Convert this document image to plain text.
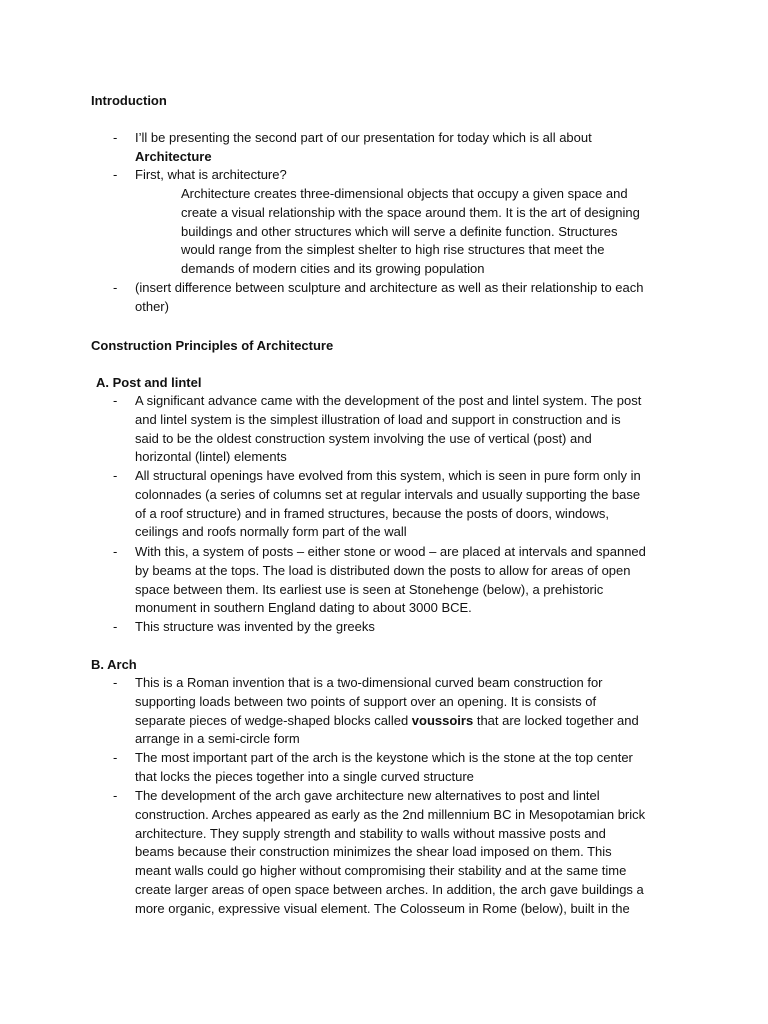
Introduction
-	I’ll be presenting the second part of our presentation for today which is all about
Architecture
-	First, what is architecture?
Architecture creates three-dimensional objects that occupy a given space and
create a visual relationship with the space around them. It is the art of designing
buildings and other structures which will serve a definite function. Structures
would range from the simplest shelter to high rise structures that meet the
demands of modern cities and its growing population
-	(insert difference between sculpture and architecture as well as their relationship to each
other)
Construction Principles of Architecture
A. Post and lintel
-	A significant advance came with the development of the post and lintel system. The post
and lintel system is the simplest illustration of load and support in construction and is
said to be the oldest construction system involving the use of vertical (post) and
horizontal (lintel) elements
-	All structural openings have evolved from this system, which is seen in pure form only in
colonnades (a series of columns set at regular intervals and usually supporting the base
of a roof structure) and in framed structures, because the posts of doors, windows,
ceilings and roofs normally form part of the wall
-	With this, a system of posts – either stone or wood – are placed at intervals and spanned
by beams at the tops. The load is distributed down the posts to allow for areas of open
space between them. Its earliest use is seen at Stonehenge (below), a prehistoric
monument in southern England dating to about 3000 BCE.
-	This structure was invented by the greeks
B. Arch
-	This is a Roman invention that is a two-dimensional curved beam construction for
supporting loads between two points of support over an opening. It is consists of
separate pieces of wedge-shaped blocks called voussoirs that are locked together and
arrange in a semi-circle form
-	The most important part of the arch is the keystone which is the stone at the top center
that locks the pieces together into a single curved structure
-	The development of the arch gave architecture new alternatives to post and lintel
construction. Arches appeared as early as the 2nd millennium BC in Mesopotamian brick
architecture. They supply strength and stability to walls without massive posts and
beams because their construction minimizes the shear load imposed on them. This
meant walls could go higher without compromising their stability and at the same time
create larger areas of open space between arches. In addition, the arch gave buildings a
more organic, expressive visual element. The Colosseum in Rome (below), built in the
